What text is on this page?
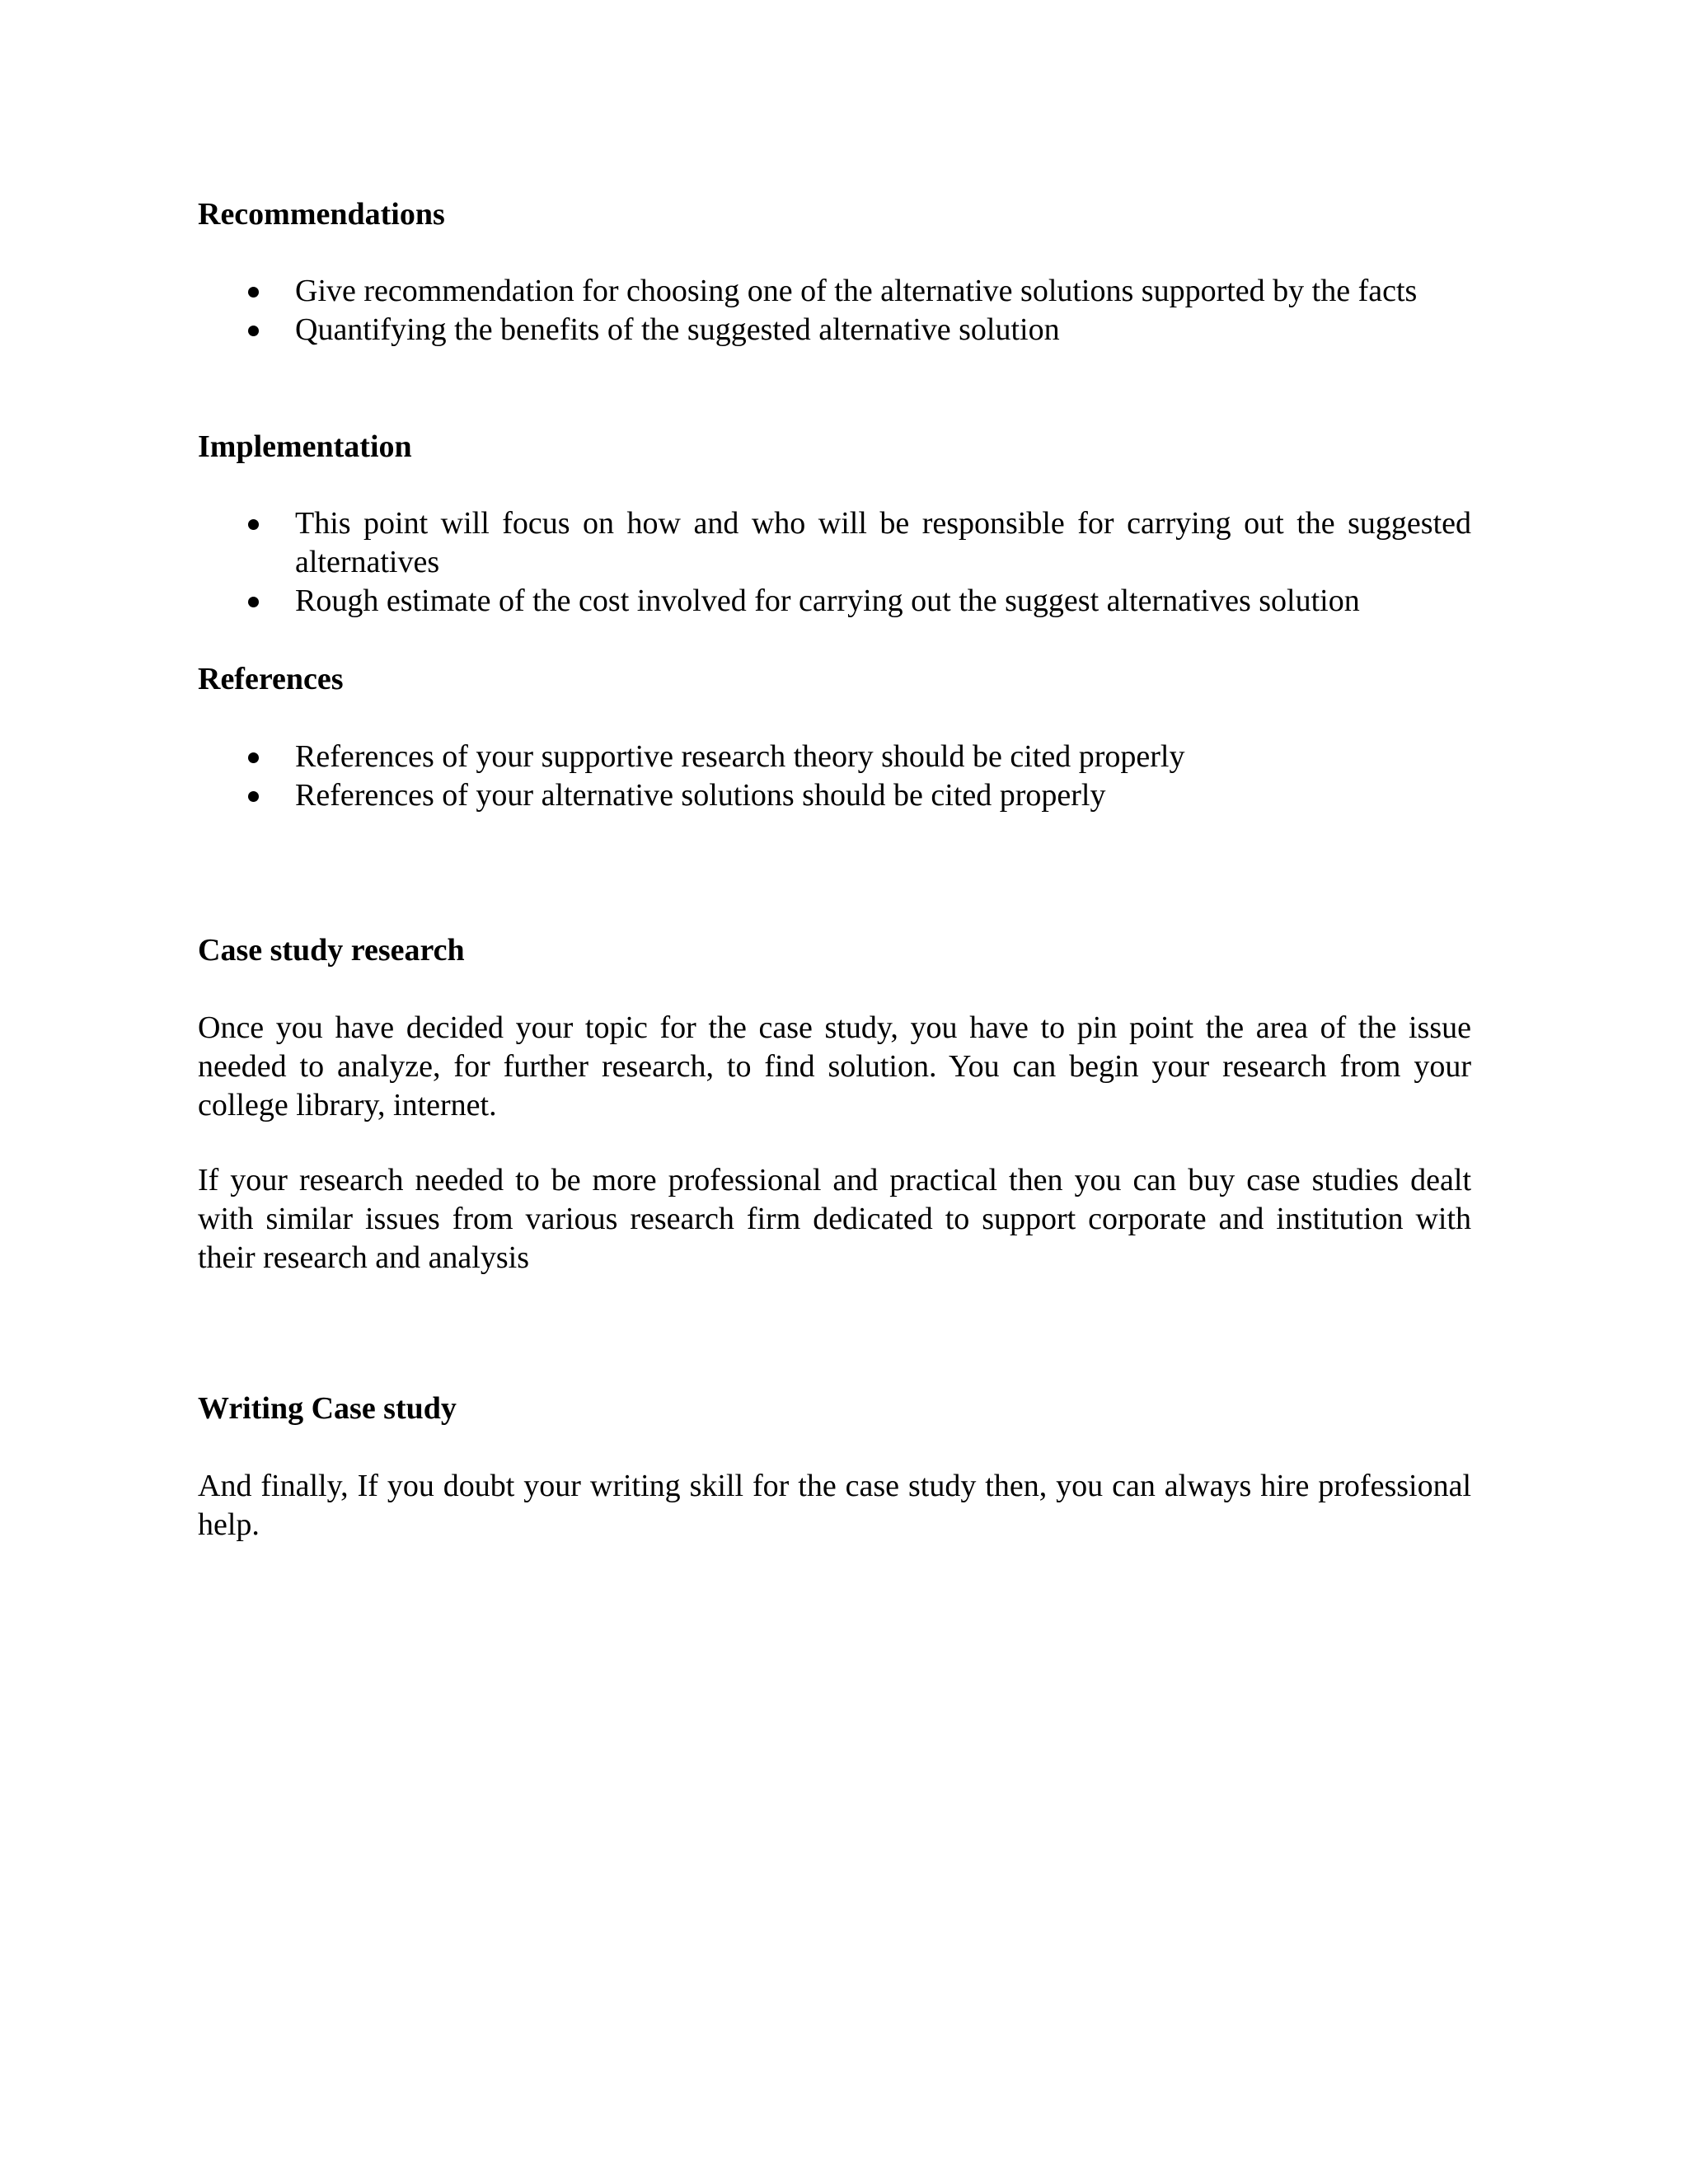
Recommendations
Give recommendation for choosing one of the alternative solutions supported by the facts
Quantifying the benefits of the suggested alternative solution
Implementation
This point will focus on how and who will be responsible for carrying out the suggested alternatives
Rough estimate of the cost involved for carrying out the suggest alternatives solution
References
References of your supportive research theory should be cited properly
References of your alternative solutions should be cited properly
Case study research

Once you have decided your topic for the case study, you have to pin point the area of the issue needed to analyze, for further research, to find solution. You can begin your research from your college library, internet.

If your research needed to be more professional and practical then you can buy case studies dealt with similar issues from various research firm dedicated to support corporate and institution with their research and analysis

Writing Case study

And finally, If you doubt your writing skill for the case study then, you can always hire professional help.
